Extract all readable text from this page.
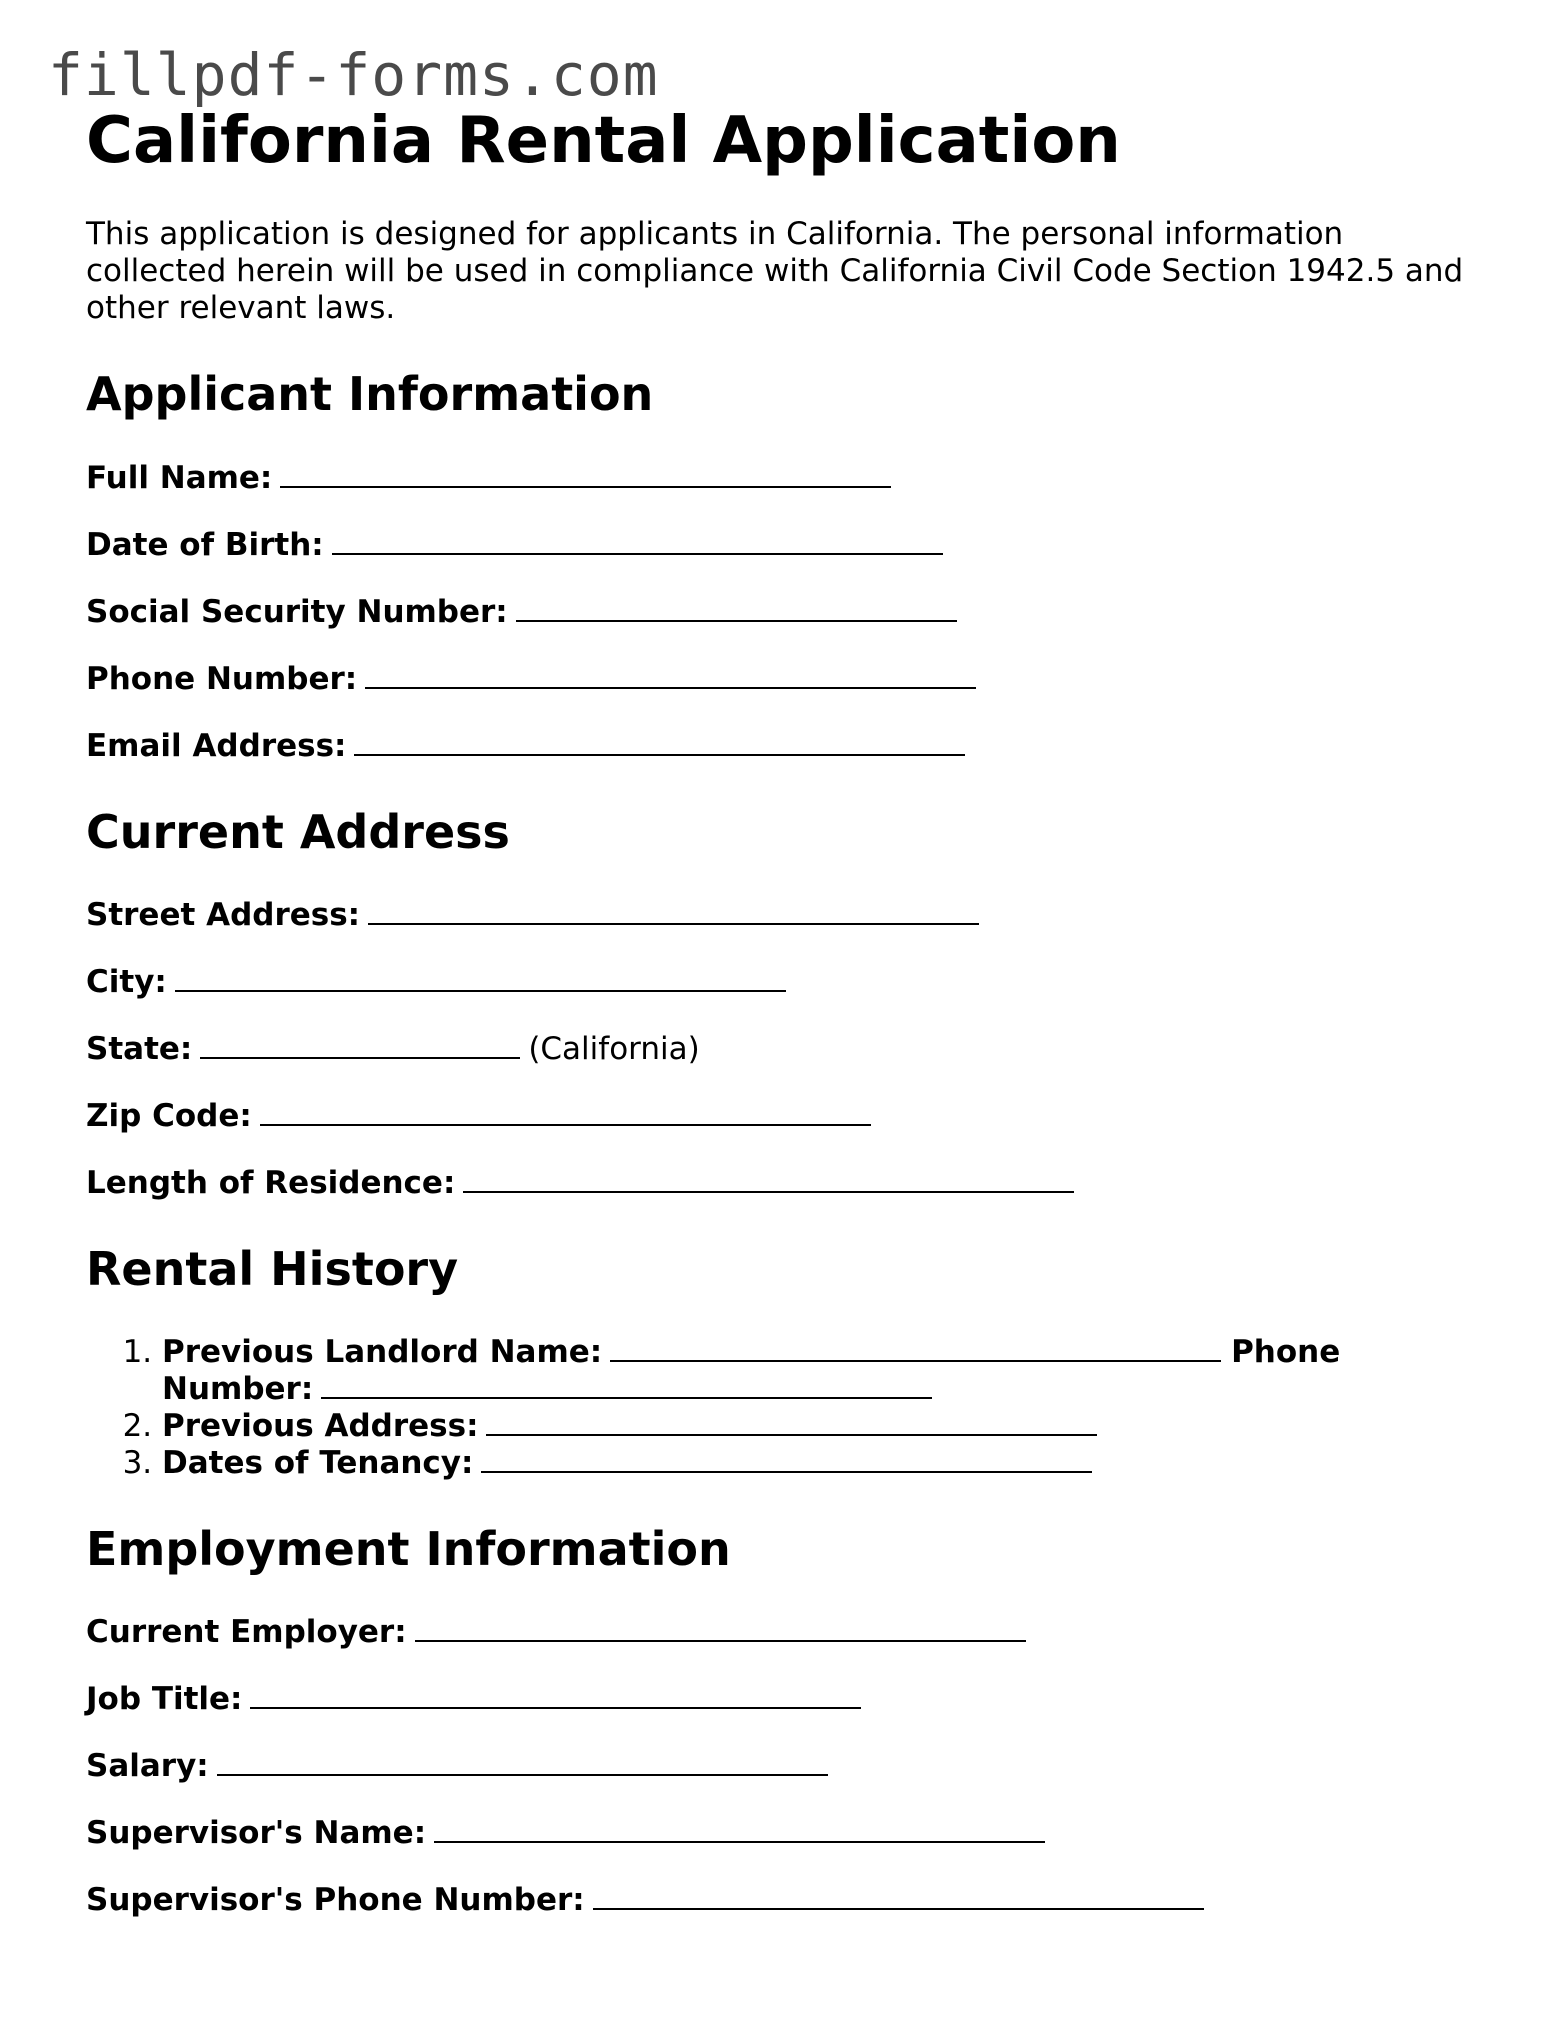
fillpdf-forms.com
California Rental Application

This application is designed for applicants in California. The personal information collected herein will be used in compliance with California Civil Code Section 1942.5 and other relevant laws.

Applicant Information
Full Name:
Date of Birth:
Social Security Number:
Phone Number:
Email Address:
Current Address
Street Address:
City:
State:	(California)
Zip Code:
Length of Residence:
Rental History
1. Previous Landlord Name:	Phone Number:
2. Previous Address:
3. Dates of Tenancy:
Employment Information
Current Employer:
Job Title:
Salary:
Supervisor's Name:
Supervisor's Phone Number:
